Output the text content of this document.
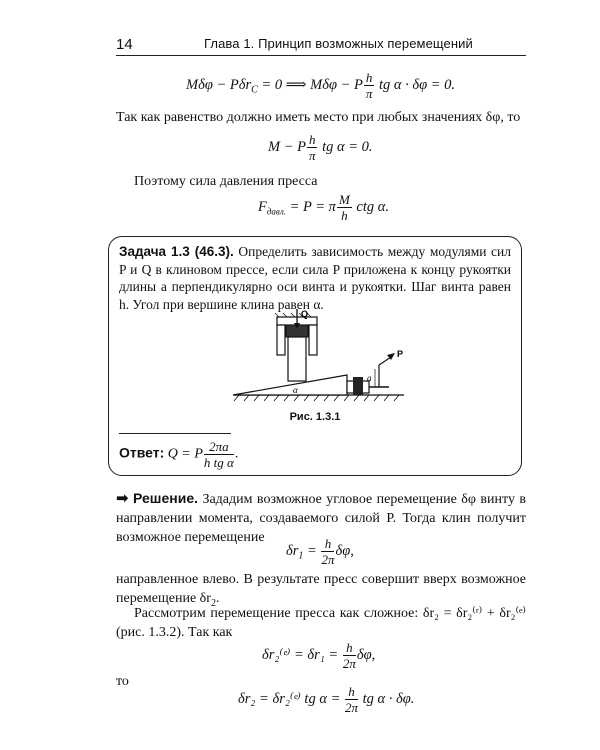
14	Глава 1. Принцип возможных перемещений
Mδφ − Pδr$_C$ = 0 ⟹ Mδφ − P $\frac{h}{\pi}$ tg α · δφ = 0.
Так как равенство должно иметь место при любых значениях δφ, то
M − P $\frac{h}{\pi}$ tg α = 0.
Поэтому сила давления пресса
$F_{давл.} = P = \pi \frac{M}{h}$ ctg α.
Задача 1.3 (46.3). Определить зависимость между модулями сил P и Q в клиновом прессе, если сила P приложена к концу рукоятки длины a перпендикулярно оси винта и рукоятки. Шаг винта равен h. Угол при вершине клина равен α.
Q
α
P
a
Рис. 1.3.1
Ответ: Q = P $\frac{2\pi a}{\text{h tg α}}$ .
➡ Решение. Зададим возможное угловое перемещение δφ винту в направлении момента, создаваемого силой P. Тогда клин получит возможное перемещение
$\delta r_1 = \frac{h}{2\pi} \delta\varphi$,
направленное влево. В результате пресс совершит вверх возможное перемещение $\delta r_2$.
Рассмотрим перемещение пресса как сложное: δr₂ = δr₂⁽ʳ⁾ + δr₂⁽ᵉ⁾ (рис. 1.3.2). Так как
δr₂⁽ᵉ⁾ = $\delta r_1 = \frac{h}{2\pi} \delta\varphi$,
то
δr₂ = δr₂⁽ᵉ⁾ tg $\alpha = \frac{h}{2\pi}$ tg α · δφ.
